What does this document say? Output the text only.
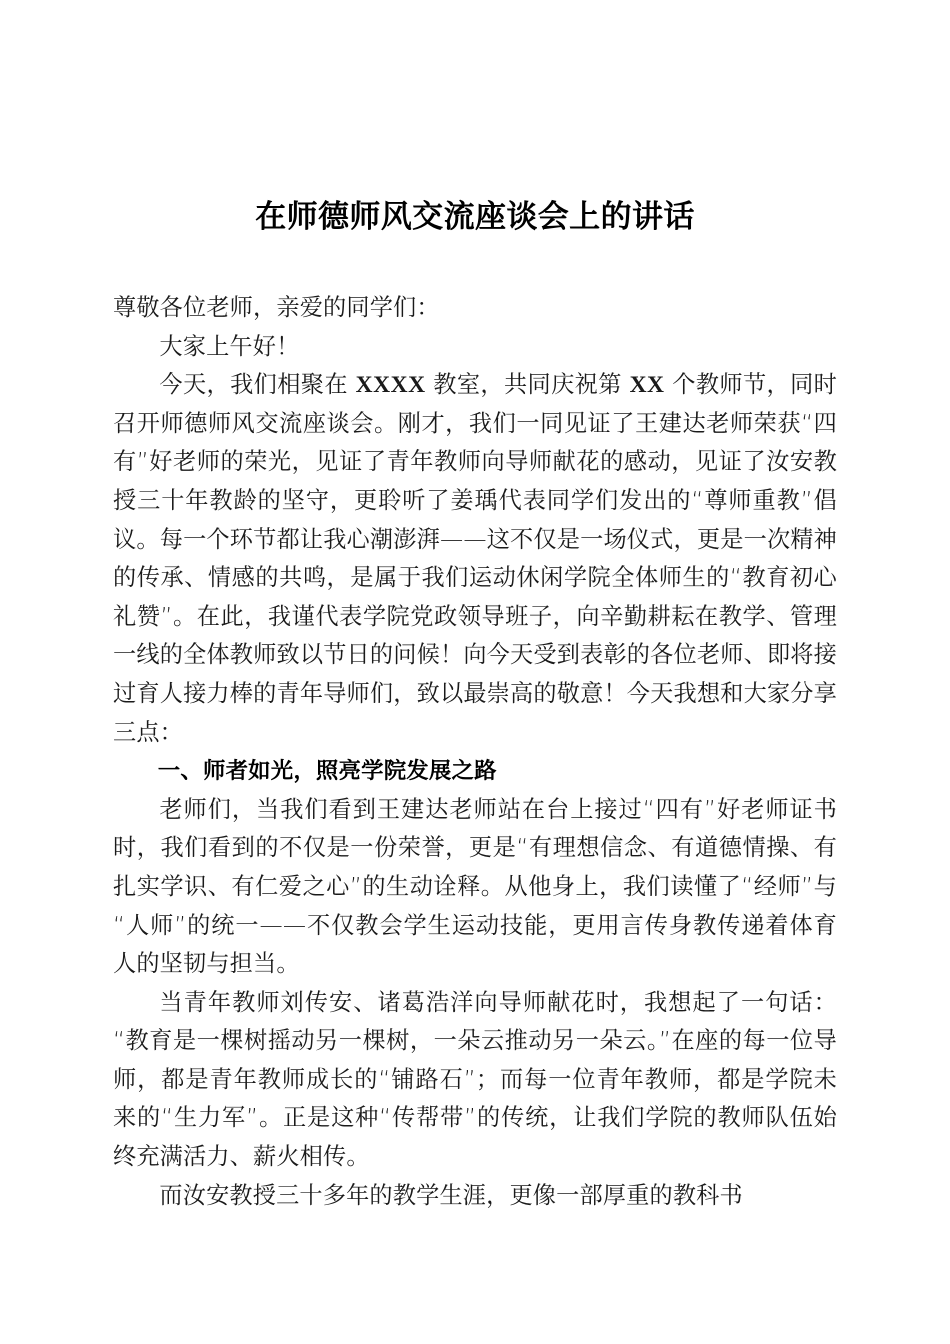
在师德师风交流座谈会上的讲话

尊敬各位老师，亲爱的同学们：

大家上午好！

今天，我们相聚在 XXXX 教室，共同庆祝第 XX 个教师节，同时召开师德师风交流座谈会。刚才，我们一同见证了王建达老师荣获“四有”好老师的荣光，见证了青年教师向导师献花的感动，见证了汝安教授三十年教龄的坚守，更聆听了姜瑀代表同学们发出的“尊师重教”倡议。每一个环节都让我心潮澎湃——这不仅是一场仪式，更是一次精神的传承、情感的共鸣，是属于我们运动休闲学院全体师生的“教育初心礼赞”。在此，我谨代表学院党政领导班子，向辛勤耕耘在教学、管理一线的全体教师致以节日的问候！向今天受到表彰的各位老师、即将接过育人接力棒的青年导师们，致以最崇高的敬意！今天我想和大家分享三点：

一、师者如光，照亮学院发展之路

老师们，当我们看到王建达老师站在台上接过“四有”好老师证书时，我们看到的不仅是一份荣誉，更是“有理想信念、有道德情操、有扎实学识、有仁爱之心”的生动诠释。从他身上，我们读懂了“经师”与“人师”的统一——不仅教会学生运动技能，更用言传身教传递着体育人的坚韧与担当。

当青年教师刘传安、诸葛浩洋向导师献花时，我想起了一句话：“教育是一棵树摇动另一棵树，一朵云推动另一朵云。”在座的每一位导师，都是青年教师成长的“铺路石”；而每一位青年教师，都是学院未来的“生力军”。正是这种“传帮带”的传统，让我们学院的教师队伍始终充满活力、薪火相传。

而汝安教授三十多年的教学生涯，更像一部厚重的教科书
